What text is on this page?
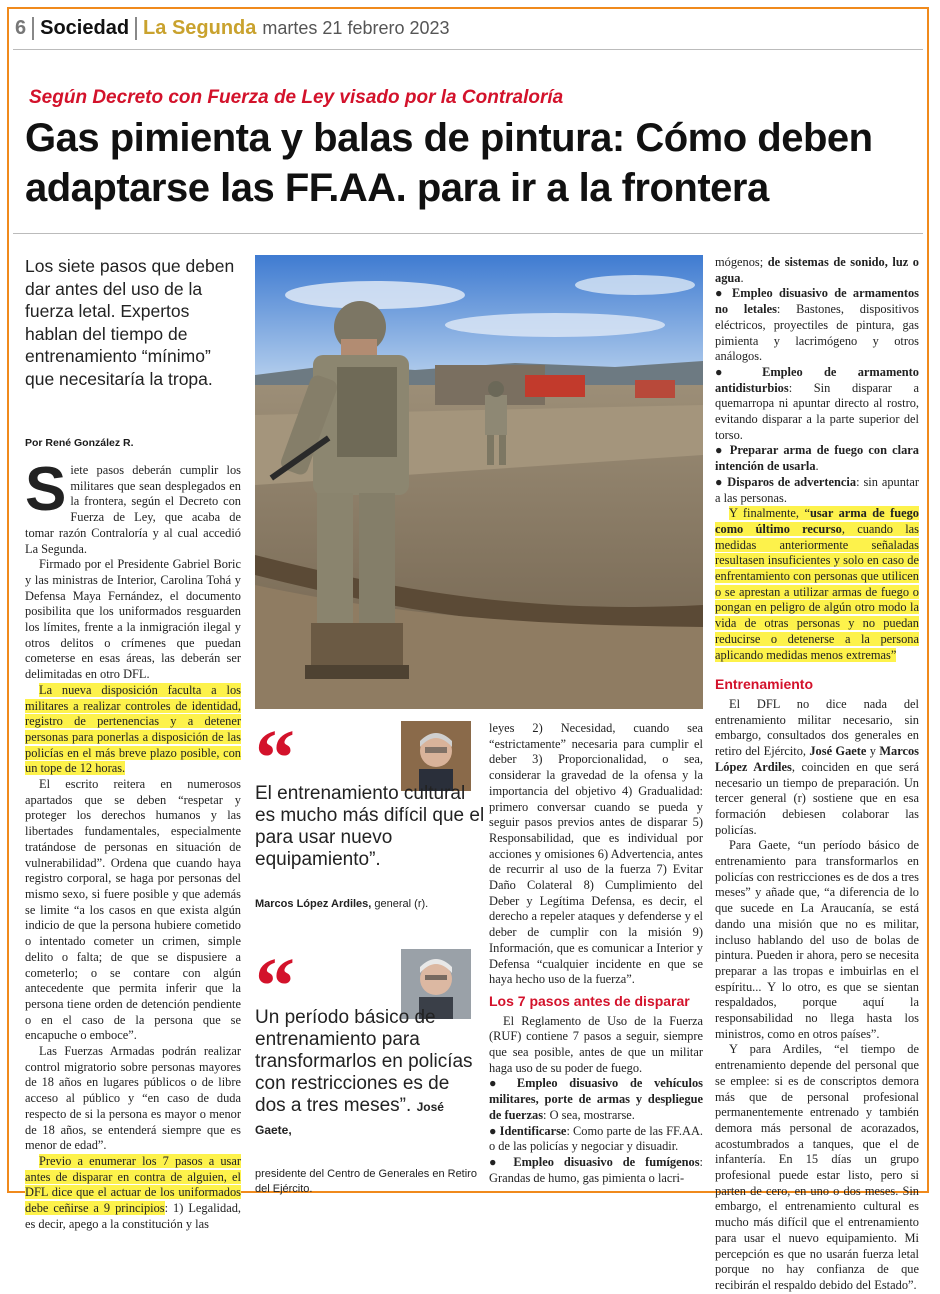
6 Sociedad La Segunda martes 21 febrero 2023
Según Decreto con Fuerza de Ley visado por la Contraloría
Gas pimienta y balas de pintura: Cómo deben adaptarse las FF.AA. para ir a la frontera
Los siete pasos que deben dar antes del uso de la fuerza letal. Expertos hablan del tiempo de entrenamiento “mínimo” que necesitaría la tropa.
Por René González R.

Siete pasos deberán cumplir los militares que sean desplegados en la frontera, según el Decreto con Fuerza de Ley, que acaba de tomar razón Contraloría y al cual accedió La Segunda.

Firmado por el Presidente Gabriel Boric y las ministras de Interior, Carolina Tohá y Defensa Maya Fernández, el documento posibilita que los uniformados resguarden los límites, frente a la inmigración ilegal y otros delitos o crímenes que puedan cometerse en esas áreas, las deberán ser delimitadas en otro DFL.

La nueva disposición faculta a los militares a realizar controles de identidad, registro de pertenencias y a detener personas para ponerlas a disposición de las policías en el más breve plazo posible, con un tope de 12 horas.

El escrito reitera en numerosos apartados que se deben “respetar y proteger los derechos humanos y las libertades fundamentales, especialmente tratándose de personas en situación de vulnerabilidad”. Ordena que cuando haya registro corporal, se haga por personas del mismo sexo, si fuere posible y que además se limite “a los casos en que exista algún indicio de que la persona hubiere cometido o intentado cometer un crimen, simple delito o falta; de que se dispusiere a cometerlo; o se contare con algún antecedente que permita inferir que la persona tiene orden de detención pendiente o en el caso de la persona que se encapuche o emboce”.

Las Fuerzas Armadas podrán realizar control migratorio sobre personas mayores de 18 años en lugares públicos o de libre acceso al público y “en caso de duda respecto de si la persona es mayor o menor de 18 años, se entenderá siempre que es menor de edad”.

Previo a enumerar los 7 pasos a usar antes de disparar en contra de alguien, el DFL dice que el actuar de los uniformados debe ceñirse a 9 principios: 1) Legalidad, es decir, apego a la constitución y las

“
El entrenamiento cultural es mucho más difícil que el para usar nuevo equipamiento”.
Marcos López Ardiles, general (r).
“
Un período básico de entrenamiento para transformarlos en policías con restricciones es de dos a tres meses”. José Gaete,
presidente del Centro de Generales en Retiro del Ejército.

leyes 2) Necesidad, cuando sea “estrictamente” necesaria para cumplir el deber 3) Proporcionalidad, o sea, considerar la gravedad de la ofensa y la importancia del objetivo 4) Gradualidad: primero conversar cuando se pueda y seguir pasos previos antes de disparar 5) Responsabilidad, que es individual por acciones y omisiones 6) Advertencia, antes de recurrir al uso de la fuerza 7) Evitar Daño Colateral 8) Cumplimiento del Deber y Legítima Defensa, es decir, el derecho a repeler ataques y defenderse y el deber de cumplir con la misión 9) Información, que es comunicar a Interior y Defensa “cualquier incidente en que se haya hecho uso de la fuerza”.

Los 7 pasos antes de disparar

El Reglamento de Uso de la Fuerza (RUF) contiene 7 pasos a seguir, siempre que sea posible, antes de que un militar haga uso de su poder de fuego.

● Empleo disuasivo de vehículos militares, porte de armas y despliegue de fuerzas: O sea, mostrarse.

● Identificarse: Como parte de las FF.AA. o de las policías y negociar y disuadir.

● Empleo disuasivo de fumígenos: Grandas de humo, gas pimienta o lacri-

mógenos; de sistemas de sonido, luz o agua.

● Empleo disuasivo de armamentos no letales: Bastones, dispositivos eléctricos, proyectiles de pintura, gas pimienta y lacrimógeno y otros análogos.

● Empleo de armamento antidisturbios: Sin disparar a quemarropa ni apuntar directo al rostro, evitando disparar a la parte superior del torso.

● Preparar arma de fuego con clara intención de usarla.

● Disparos de advertencia: sin apuntar a las personas.

Y finalmente, “usar arma de fuego como último recurso, cuando las medidas anteriormente señaladas resultasen insuficientes y solo en caso de enfrentamiento con personas que utilicen o se aprestan a utilizar armas de fuego o pongan en peligro de algún otro modo la vida de otras personas y no puedan reducirse o detenerse a la persona aplicando medidas menos extremas”

Entrenamiento

El DFL no dice nada del entrenamiento militar necesario, sin embargo, consultados dos generales en retiro del Ejército, José Gaete y Marcos López Ardiles, coinciden en que será necesario un tiempo de preparación. Un tercer general (r) sostiene que en esa formación debiesen colaborar las policías.

Para Gaete, “un período básico de entrenamiento para transformarlos en policías con restricciones es de dos a tres meses” y añade que, “a diferencia de lo que sucede en La Araucanía, se está dando una misión que no es militar, incluso hablando del uso de bolas de pintura. Pueden ir ahora, pero se necesita preparar a las tropas e imbuirlas en el espíritu... Y lo otro, es que se sientan respaldados, porque aquí la responsabilidad no llega hasta los ministros, como en otros países”.

Y para Ardiles, “el tiempo de entrenamiento depende del personal que se emplee: si es de conscriptos demora más que de personal profesional permanentemente entrenado y también demora más personal de acorazados, acostumbrados a tanques, que el de infantería. En 15 días un grupo profesional puede estar listo, pero si parten de cero, en uno o dos meses. Sin embargo, el entrenamiento cultural es mucho más difícil que el entrenamiento para usar el nuevo equipamiento. Mi percepción es que no usarán fuerza letal porque no hay confianza de que recibirán el respaldo debido del Estado”.
